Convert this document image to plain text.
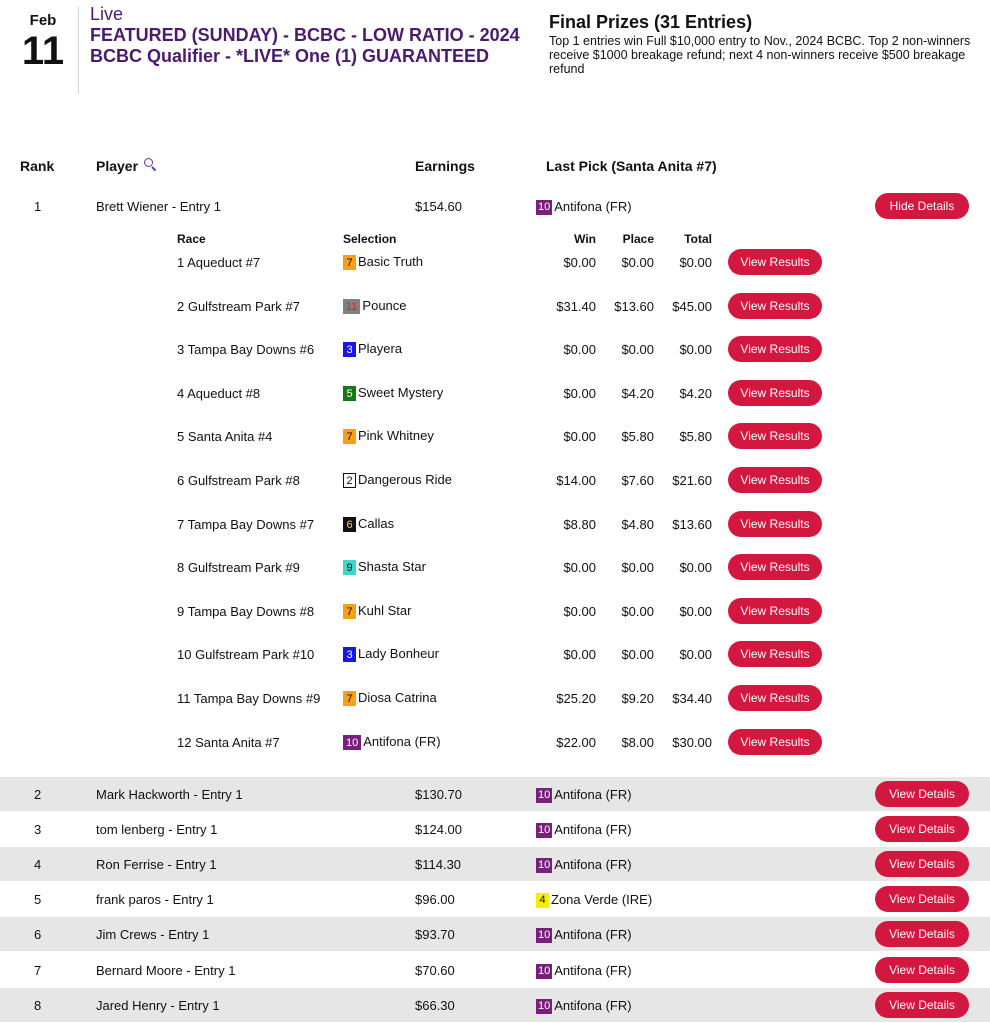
Feb
11
Live
FEATURED (SUNDAY) - BCBC - LOW RATIO - 2024 BCBC Qualifier - *LIVE* One (1) GUARANTEED
Final Prizes (31 Entries)
Top 1 entries win Full $10,000 entry to Nov., 2024 BCBC. Top 2 non-winners receive $1000 breakage refund; next 4 non-winners receive $500 breakage refund
Rank	Player	Earnings	Last Pick (Santa Anita #7)
1	Brett Wiener - Entry 1	$154.60	10 Antifona (FR)	Hide Details
Race	Selection	Win	Place	Total
1 Aqueduct #7	7 Basic Truth	$0.00	$0.00	$0.00	View Results
2 Gulfstream Park #7	11 Pounce	$31.40	$13.60	$45.00	View Results
3 Tampa Bay Downs #6	3 Playera	$0.00	$0.00	$0.00	View Results
4 Aqueduct #8	5 Sweet Mystery	$0.00	$4.20	$4.20	View Results
5 Santa Anita #4	7 Pink Whitney	$0.00	$5.80	$5.80	View Results
6 Gulfstream Park #8	2 Dangerous Ride	$14.00	$7.60	$21.60	View Results
7 Tampa Bay Downs #7	6 Callas	$8.80	$4.80	$13.60	View Results
8 Gulfstream Park #9	9 Shasta Star	$0.00	$0.00	$0.00	View Results
9 Tampa Bay Downs #8	7 Kuhl Star	$0.00	$0.00	$0.00	View Results
10 Gulfstream Park #10	3 Lady Bonheur	$0.00	$0.00	$0.00	View Results
11 Tampa Bay Downs #9	7 Diosa Catrina	$25.20	$9.20	$34.40	View Results
12 Santa Anita #7	10 Antifona (FR)	$22.00	$8.00	$30.00	View Results
2	Mark Hackworth - Entry 1	$130.70	10 Antifona (FR)	View Details
3	tom lenberg - Entry 1	$124.00	10 Antifona (FR)	View Details
4	Ron Ferrise - Entry 1	$114.30	10 Antifona (FR)	View Details
5	frank paros - Entry 1	$96.00	4 Zona Verde (IRE)	View Details
6	Jim Crews - Entry 1	$93.70	10 Antifona (FR)	View Details
7	Bernard Moore - Entry 1	$70.60	10 Antifona (FR)	View Details
8	Jared Henry - Entry 1	$66.30	10 Antifona (FR)	View Details
